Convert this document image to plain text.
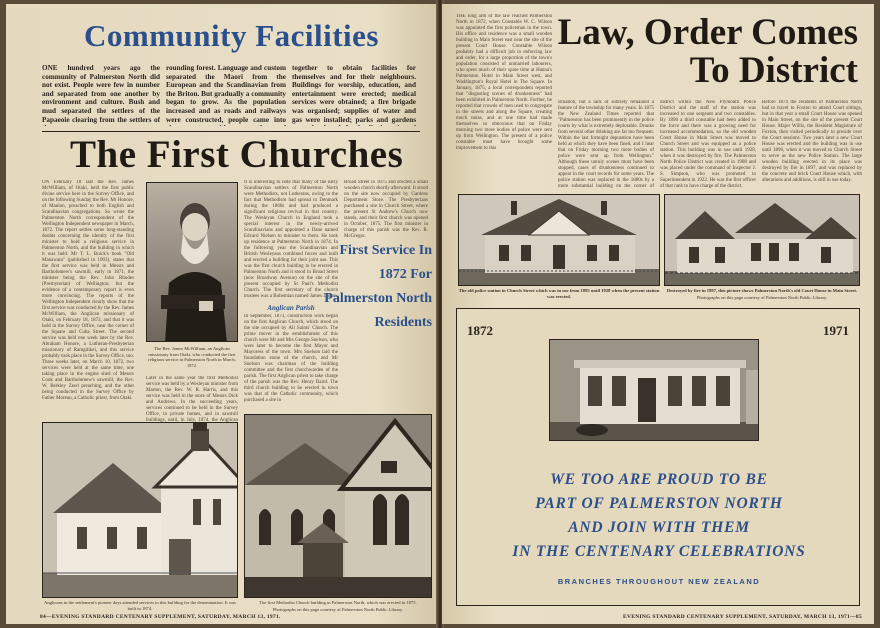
Community Facilities
ONE hundred years ago the community of Palmerston North did not exist. People were few in number and separated from one another by environment and culture. Bush and mud separated the settlers of the Papaeoie clearing from the settlers of
rounding forest. Language and custom separated the Maori from the European and the Scandinavian from the Briton. But gradually a community began to grow. As the population increased and as roads and railways were constructed, people came into
together to obtain facilities for themselves and for their neighbours. Buildings for worship, education, and entertainment were erected; medical services were obtained; a fire brigade was organised; supplies of water and gas were installed; parks and gardens
The First Churches
ON February 18 last the Rev. James McWilliam, of Otaki, held the first public divine service here in the Survey Office, and on the following Sunday the Rev. Mr Honore, of Manion, preached to both English and Scandinavian congregations. So wrote the Palmerston North correspondent of the Wellington Independent newspaper in March, 1872. The report settles some long-standing doubts concerning the identity of the first minister to hold a religious service in Palmerston North, and the building in which it was held. Mr T. L. Buick's book "Old Manawatu" (published in 1903), states that the first service was held in Messrs and Bartholomew's sawmill, early in 1871, the minister being the Rev. John Rhodes (Presbyterian) of Wellington; but the evidence of a contemporary report is even more convincing. The reports of the Wellington Independent clearly show that the first service was conducted by the Rev. James McWilliam, the Anglican missionary of Otaki, on February 18, 1872, and that it was held in the Survey Office, near the corner of the Square and Cuba Street. The second service was held one week later by the Rev. Abraham Honore, a Lutheran-Presbyterian missionary of Ramgitikei, and this service probably took place in the Survey Office, too. Three weeks later, on March 10, 1872, two services were held at the same time, one taking place in the engine shed of Messrs Cook and Bartholomew's sawmill, the Rev. W. Berkley Zeed preaching, and the other being conducted in the Survey Office by Father Moreau, a Catholic priest, from Otaki.
The Rev. James McWilliam, an Anglican missionary from Otaki, who conducted the first religious service in Palmerston North in March, 1872.
Later in the same year the first Methodist service was held by a Wesleyan minister from Marton, the Rev. W. R. Harris, and this service was held in the store of Messrs Dick and Andrews. In the succeeding years, services continued to be held in the Survey Office, in private homes, and in sawmill buildings, until, in July, 1874, the Anglican
It is interesting to note that many of the early Scandinavian settlers of Palmerston North were Methodists, not Lutherans, owing to the fact that Methodism had spread to Denmark during the 1860s and had produced a significant religious revival in that country. The Wesleyan Church in England took a special interest in the newly-arrived Scandinavians and appointed a Dane named Edvard Nielsen to minister to them. He took up residence at Palmerston North in 1874. In the following year the Scandinavian and British Wesleyans combined forces and built and erected a building for their joint use. This was the first church building to be erected in Palmerston North and it stood in Broad Street (now Broadway Avenue) on the site of the present occupied by St Paul's Methodist Church. The first secretary of the church trustees was a Bohemian named James Linton,
Broad Street in 1875 and erected a small wooden church shortly afterward. It stood on the site now occupied by Gardens Department Store. The Presbyterians purchased a site in Church Street, where the present St Andrew's Church now stands, and their first church was opened in October, 1875. The first minister in charge of this parish was the Rev. R. McGregor.
First Service In 1872 For Palmerston North Residents
Anglican Parish
In September, 1873, construction work began on the first Anglican Church, which stood on the site occupied by All Saints' Church. The prime mover in the establishment of this church were Mr and Mrs George Snelson, who were later to become the first Mayor and Mayoress of the town. Mrs Snelson laid the foundation stone of the church, and Mr Snelson was chairman of the building committee and the first churchwarden of the parish. The first Anglican priest to take charge of the parish was the Rev. Henry Baird. The third church building to be erected in town was that of the Catholic community, which purchased a site in
Anglicans in the settlement's pioneer days attended services in this building for the denomination. It was built in 1874.
The first Methodist Church building in Palmerston North, which was erected in 1875.
Photographs on this page courtesy of Palmerston North Public Library.
84—EVENING STANDARD CENTENARY SUPPLEMENT, SATURDAY, MARCH 13, 1971.
THE long arm of the law reached Palmerston North in 1872, when Constable W. C. Wilson was appointed the first policeman in the town. His office and residence was a small wooden building in Main Street east near the site of the present Court House. Constable Wilson probably had a difficult job in enforcing law and order, for a large proportion of the town's population consisted of unmarried labourers, who spent much of their spare time at Hanna's Palmerston Hotel in Main Street west, and Waddington's Royal Hotel in The Square. In January, 1875, a local correspondent reported that "disgusting scenes of drunkenness" had been exhibited in Palmerston North. Further, he reported that crowds of men used to congregate in the streets and along the Square, creating much noise, and at one time had made themselves so obnoxious that on Friday morning two more bodies of police were sent up from Wellington. The present of a police constable must have brought some improvement to this
Law, Order Comes To District
situation, but a lack of sobriety remained a feature of the township for many years. In 1875 the New Zealand Times reported that "Palmerston has been prominently in the police courts by what is extremely deplorable. Drunks from several other drinking are far too frequent. Within the last fortnight deputation have been held at which they have been fined, and I hear that on Friday morning two more bodies of police were sent up from Wellington." Although these unruly scenes must have been stopped, cases of drunkenness continued to appear in the court records for some years. The police station was replaced in the 1880s by a more substantial building on the corner of
district within the New Plymouth Police District and the staff of the station was increased to one sergeant and two constables. By 1890 a third constable had been added to the force and there was a growing need for increased accommodation, so the old wooden Court House in Main Street was moved to Church Street and was equipped as a police station. This building was in use until 1928, when it was destroyed by fire. The Palmerston North Police District was created in 1908 and was placed under the command of Inspector J. S. Simpson, who was promoted to Superintendent in 1922. He was the first officer of that rank to have charge of the district.
Before 1874 the residents of Palmerston North had to travel to Foxton to attend Court sittings, but in that year a small Court House was opened in Main Street, on the site of the present Court House. Major Willis, the Resident Magistrate of Foxton, then visited periodically to preside over the Court sessions. Two years later a new Court House was erected and the building was in use until 1896, when it was moved to Church Street to serve as the new Police Station. The large wooden building erected in its place was destroyed by fire in 1897, and was replaced by the concrete and brick Court House which, with alterations and additions, is still in use today.
The old police station in Church Street which was in use from 1895 until 1928 when the present station was erected.
Destroyed by fire in 1897, this picture shows Palmerston North's old Court House in Main Street.
Photographs on this page courtesy of Palmerston North Public Library.
1872	1971
WE TOO ARE PROUD TO BE
PART OF PALMERSTON NORTH
AND JOIN WITH THEM
IN THE CENTENARY CELEBRATIONS
BRANCHES THROUGHOUT NEW ZEALAND
EVENING STANDARD CENTENARY SUPPLEMENT, SATURDAY, MARCH 13, 1971—85
